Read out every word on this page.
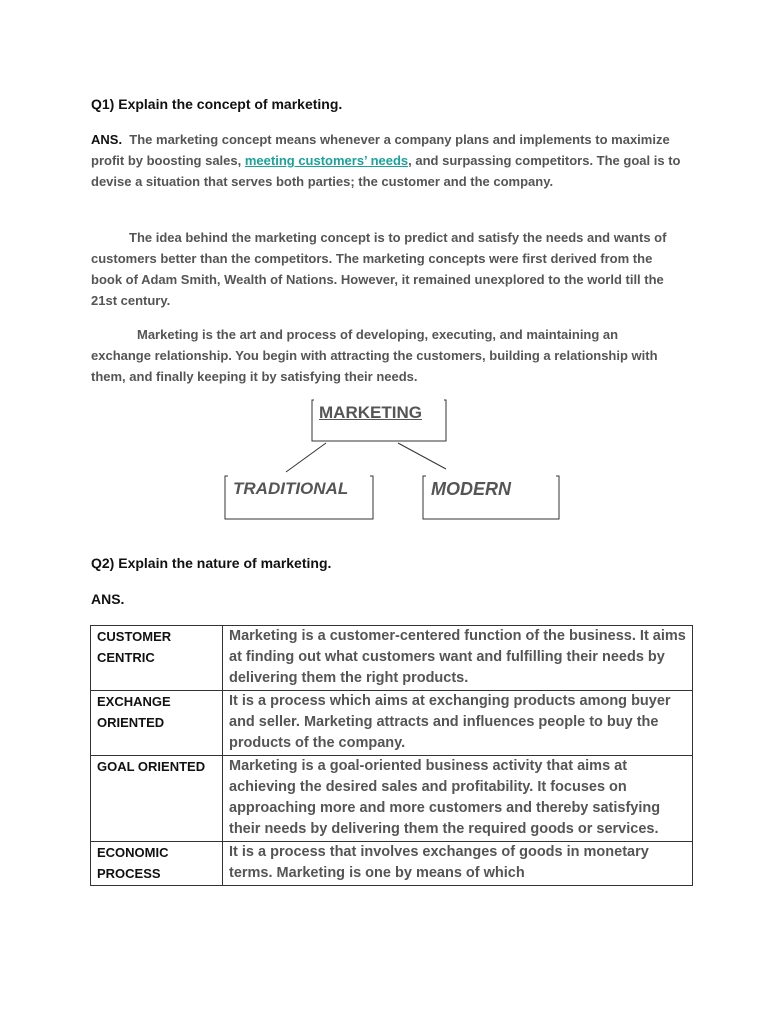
Q1) Explain the concept of marketing.

ANS. The marketing concept means whenever a company plans and implements to maximize profit by boosting sales, meeting customers’ needs, and surpassing competitors. The goal is to devise a situation that serves both parties; the customer and the company.

The idea behind the marketing concept is to predict and satisfy the needs and wants of customers better than the competitors. The marketing concepts were first derived from the book of Adam Smith, Wealth of Nations. However, it remained unexplored to the world till the 21st century.

Marketing is the art and process of developing, executing, and maintaining an exchange relationship. You begin with attracting the customers, building a relationship with them, and finally keeping it by satisfying their needs.

MARKETING
TRADITIONAL	MODERN

Q2) Explain the nature of marketing.

ANS.

CUSTOMER CENTRIC	Marketing is a customer-centered function of the business. It aims at finding out what customers want and fulfilling their needs by delivering them the right products.
EXCHANGE ORIENTED	It is a process which aims at exchanging products among buyer and seller. Marketing attracts and influences people to buy the products of the company.
GOAL ORIENTED	Marketing is a goal-oriented business activity that aims at achieving the desired sales and profitability. It focuses on approaching more and more customers and thereby satisfying their needs by delivering them the required goods or services.
ECONOMIC PROCESS	It is a process that involves exchanges of goods in monetary terms. Marketing is one by means of which
